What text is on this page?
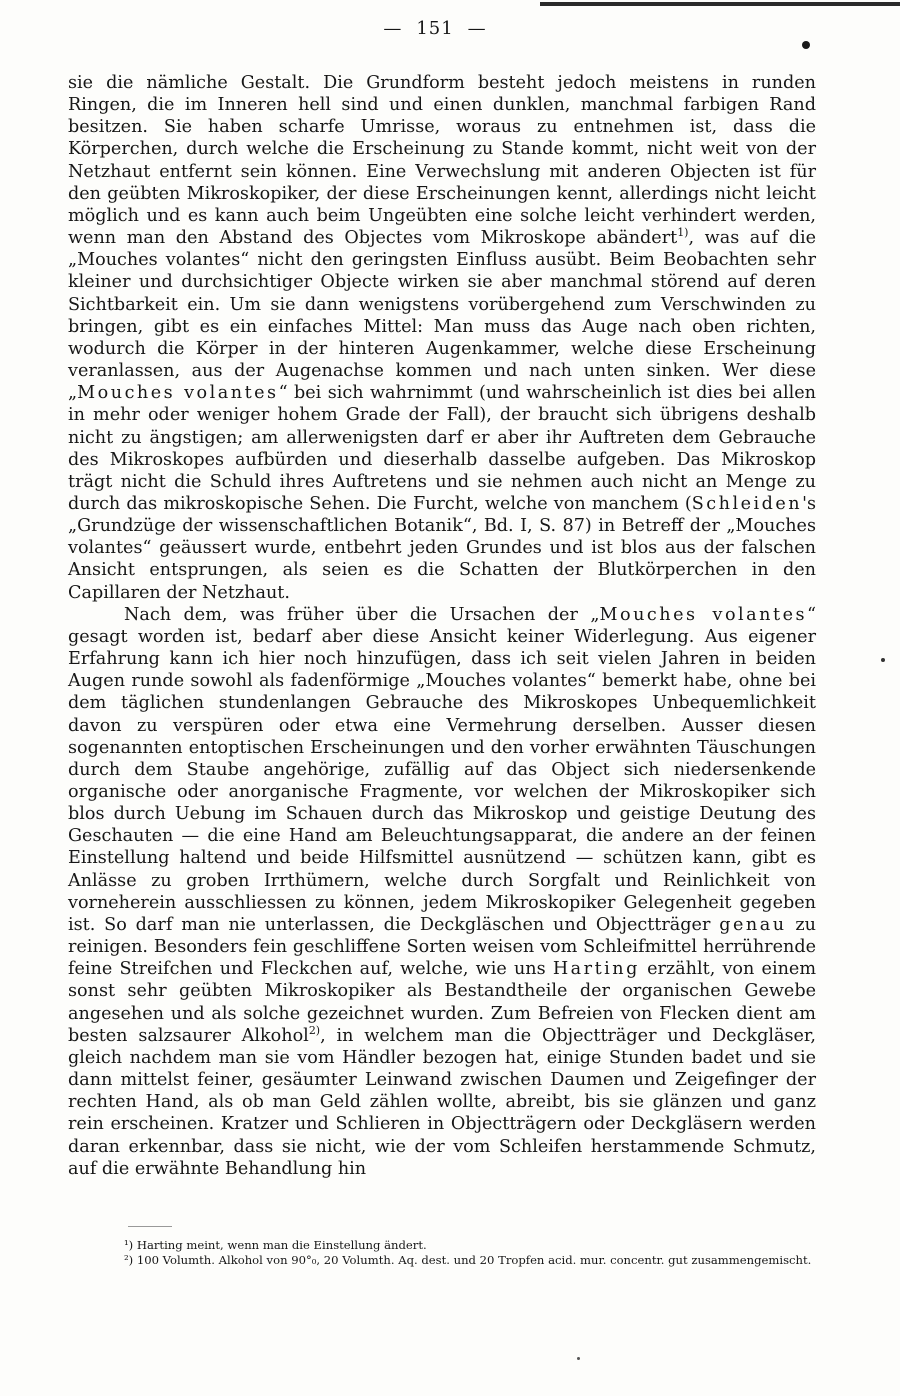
— 151 —

sie die nämliche Gestalt. Die Grundform besteht jedoch meistens in runden Ringen, die im Inneren hell sind und einen dunklen, manchmal farbigen Rand besitzen. Sie haben scharfe Umrisse, woraus zu entnehmen ist, dass die Körperchen, durch welche die Erscheinung zu Stande kommt, nicht weit von der Netzhaut entfernt sein können. Eine Verwechslung mit anderen Objecten ist für den geübten Mikroskopiker, der diese Erscheinungen kennt, allerdings nicht leicht möglich und es kann auch beim Ungeübten eine solche leicht verhindert werden, wenn man den Abstand des Objectes vom Mikroskope abändert$^{1)}$, was auf die „Mouches volantes“ nicht den geringsten Einfluss ausübt. Beim Beobachten sehr kleiner und durchsichtiger Objecte wirken sie aber manchmal störend auf deren Sichtbarkeit ein. Um sie dann wenigstens vorübergehend zum Verschwinden zu bringen, gibt es ein einfaches Mittel: Man muss das Auge nach oben richten, wodurch die Körper in der hinteren Augenkammer, welche diese Erscheinung veranlassen, aus der Augenachse kommen und nach unten sinken. Wer diese „Mouches volantes“ bei sich wahrnimmt (und wahrscheinlich ist dies bei allen in mehr oder weniger hohem Grade der Fall), der braucht sich übrigens deshalb nicht zu ängstigen; am allerwenigsten darf er aber ihr Auftreten dem Gebrauche des Mikroskopes aufbürden und dieserhalb dasselbe aufgeben. Das Mikroskop trägt nicht die Schuld ihres Auftretens und sie nehmen auch nicht an Menge zu durch das mikroskopische Sehen. Die Furcht, welche von manchem (Schleiden's „Grundzüge der wissenschaftlichen Botanik“, Bd. I, S. 87) in Betreff der „Mouches volantes“ geäussert wurde, entbehrt jeden Grundes und ist blos aus der falschen Ansicht entsprungen, als seien es die Schatten der Blutkörperchen in den Capillaren der Netzhaut.

Nach dem, was früher über die Ursachen der „Mouches volantes“ gesagt worden ist, bedarf aber diese Ansicht keiner Widerlegung. Aus eigener Erfahrung kann ich hier noch hinzufügen, dass ich seit vielen Jahren in beiden Augen runde sowohl als fadenförmige „Mouches volantes“ bemerkt habe, ohne bei dem täglichen stundenlangen Gebrauche des Mikroskopes Unbequemlichkeit davon zu verspüren oder etwa eine Vermehrung derselben. Ausser diesen sogenannten entoptischen Erscheinungen und den vorher erwähnten Täuschungen durch dem Staube angehörige, zufällig auf das Object sich niedersenkende organische oder anorganische Fragmente, vor welchen der Mikroskopiker sich blos durch Uebung im Schauen durch das Mikroskop und geistige Deutung des Geschauten — die eine Hand am Beleuchtungsapparat, die andere an der feinen Einstellung haltend und beide Hilfsmittel ausnützend — schützen kann, gibt es Anlässe zu groben Irrthümern, welche durch Sorgfalt und Reinlichkeit von vorneherein ausschliessen zu können, jedem Mikroskopiker Gelegenheit gegeben ist. So darf man nie unterlassen, die Deckgläschen und Objectträger genau zu reinigen. Besonders fein geschliffene Sorten weisen vom Schleifmittel herrührende feine Streifchen und Fleckchen auf, welche, wie uns Harting erzählt, von einem sonst sehr geübten Mikroskopiker als Bestandtheile der organischen Gewebe angesehen und als solche gezeichnet wurden. Zum Befreien von Flecken dient am besten salzsaurer Alkohol$^{2)}$, in welchem man die Objectträger und Deckgläser, gleich nachdem man sie vom Händler bezogen hat, einige Stunden badet und sie dann mittelst feiner, gesäumter Leinwand zwischen Daumen und Zeigefinger der rechten Hand, als ob man Geld zählen wollte, abreibt, bis sie glänzen und ganz rein erscheinen. Kratzer und Schlieren in Objectträgern oder Deckgläsern werden daran erkennbar, dass sie nicht, wie der vom Schleifen herstammende Schmutz, auf die erwähnte Behandlung hin

¹) Harting meint, wenn man die Einstellung ändert.

²) 100 Volumth. Alkohol von 90°₀, 20 Volumth. Aq. dest. und 20 Tropfen acid. mur. concentr. gut zusammengemischt.
